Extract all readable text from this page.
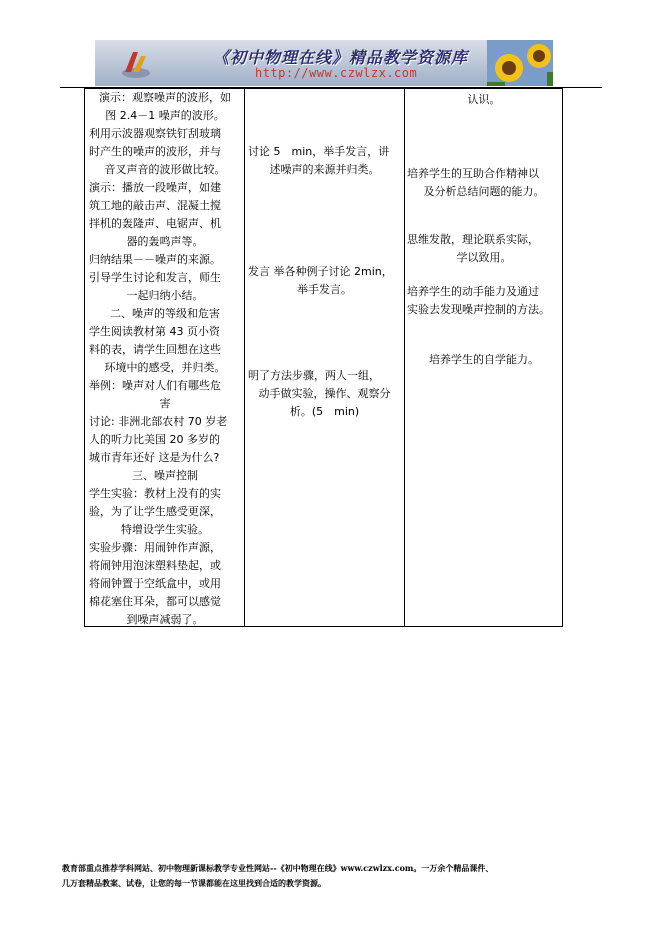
《初中物理在线》精品教学资源库
http://www.czwlzx.com
演示：观察噪声的波形，如
图 2.4－1 噪声的波形。
利用示波器观察铁钉刮玻璃
时产生的噪声的波形，并与
音叉声音的波形做比较。
演示：播放一段噪声，如建
筑工地的敲击声、混凝土搅
拌机的轰隆声、电锯声、机
器的轰鸣声等。
归纳结果－－噪声的来源。
引导学生讨论和发言，师生
一起归纳小结。
二、噪声的等级和危害
学生阅读教材第 43 页小资
料的表，请学生回想在这些
环境中的感受，并归类。
举例：噪声对人们有哪些危
害
讨论: 非洲北部农村 70 岁老
人的听力比美国 20 多岁的
城市青年还好 这是为什么?
三、噪声控制
学生实验：教材上没有的实
验，为了让学生感受更深，
特增设学生实验。
实验步骤：用闹钟作声源，
将闹钟用泡沫塑料垫起，或
将闹钟置于空纸盒中，或用
棉花塞住耳朵，都可以感觉
到噪声减弱了。
讨论 5　min，举手发言，讲
述噪声的来源并归类。
发言 举各种例子讨论 2min，
举手发言。
明了方法步骤，两人一组，
动手做实验，操作、观察分
析。(5　min)
认识。
培养学生的互助合作精神以
及分析总结问题的能力。
思维发散，理论联系实际，
学以致用。
培养学生的动手能力及通过
实验去发现噪声控制的方法。
培养学生的自学能力。
教育部重点推荐学科网站、初中物理新课标教学专业性网站--《初中物理在线》www.czwlzx.com。一万余个精品课件、
几万套精品教案、试卷，让您的每一节课都能在这里找到合适的教学资源。
